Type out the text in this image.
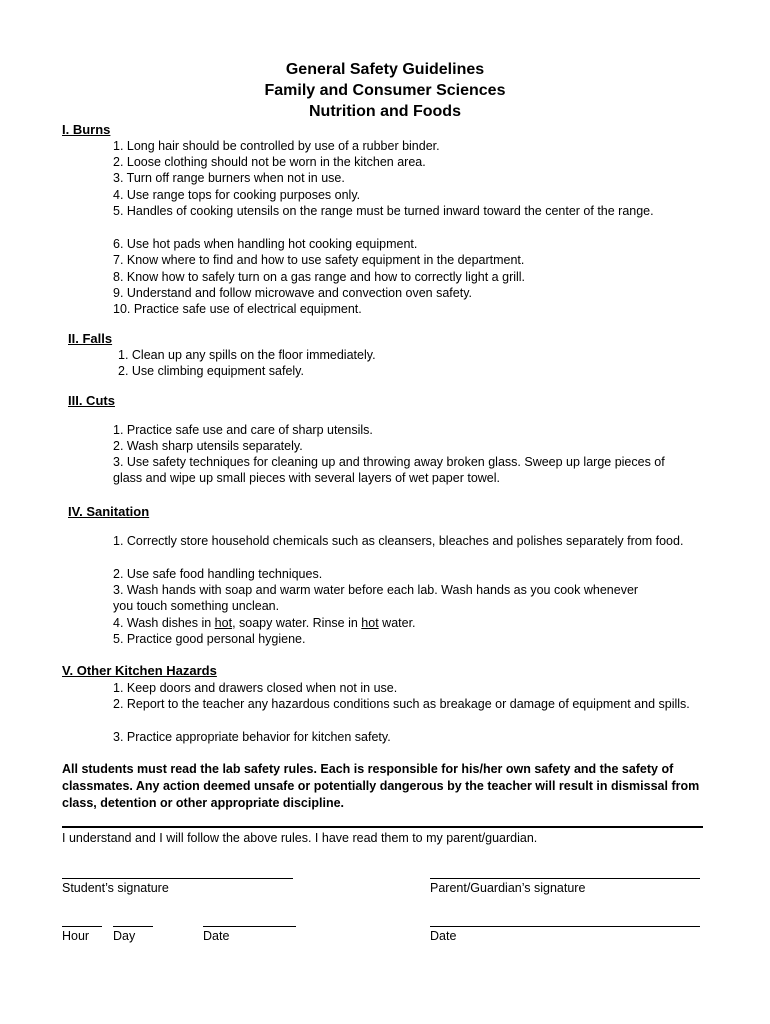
General Safety Guidelines
Family and Consumer Sciences
Nutrition and Foods
I. Burns
1. Long hair should be controlled by use of a rubber binder.
2. Loose clothing should not be worn in the kitchen area.
3. Turn off range burners when not in use.
4. Use range tops for cooking purposes only.
5. Handles of cooking utensils on the range must be turned inward toward the center of the range.
6. Use hot pads when handling hot cooking equipment.
7. Know where to find and how to use safety equipment in the department.
8. Know how to safely turn on a gas range and how to correctly light a grill.
9. Understand and follow microwave and convection oven safety.
10. Practice safe use of electrical equipment.
II. Falls
1. Clean up any spills on the floor immediately.
2. Use climbing equipment safely.
III. Cuts
1. Practice safe use and care of sharp utensils.
2. Wash sharp utensils separately.
3. Use safety techniques for cleaning up and throwing away broken glass. Sweep up large pieces of glass and wipe up small pieces with several layers of wet paper towel.
IV. Sanitation
1. Correctly store household chemicals such as cleansers, bleaches and polishes separately from food.
2. Use safe food handling techniques.
3. Wash hands with soap and warm water before each lab. Wash hands as you cook whenever you touch something unclean.
4. Wash dishes in hot, soapy water. Rinse in hot water.
5. Practice good personal hygiene.
V. Other Kitchen Hazards
1. Keep doors and drawers closed when not in use.
2. Report to the teacher any hazardous conditions such as breakage or damage of equipment and spills.
3. Practice appropriate behavior for kitchen safety.
All students must read the lab safety rules. Each is responsible for his/her own safety and the safety of classmates. Any action deemed unsafe or potentially dangerous by the teacher will result in dismissal from class, detention or other appropriate discipline.
I understand and I will follow the above rules. I have read them to my parent/guardian.
Student’s signature	Parent/Guardian’s signature
Hour Day	Date	Date
